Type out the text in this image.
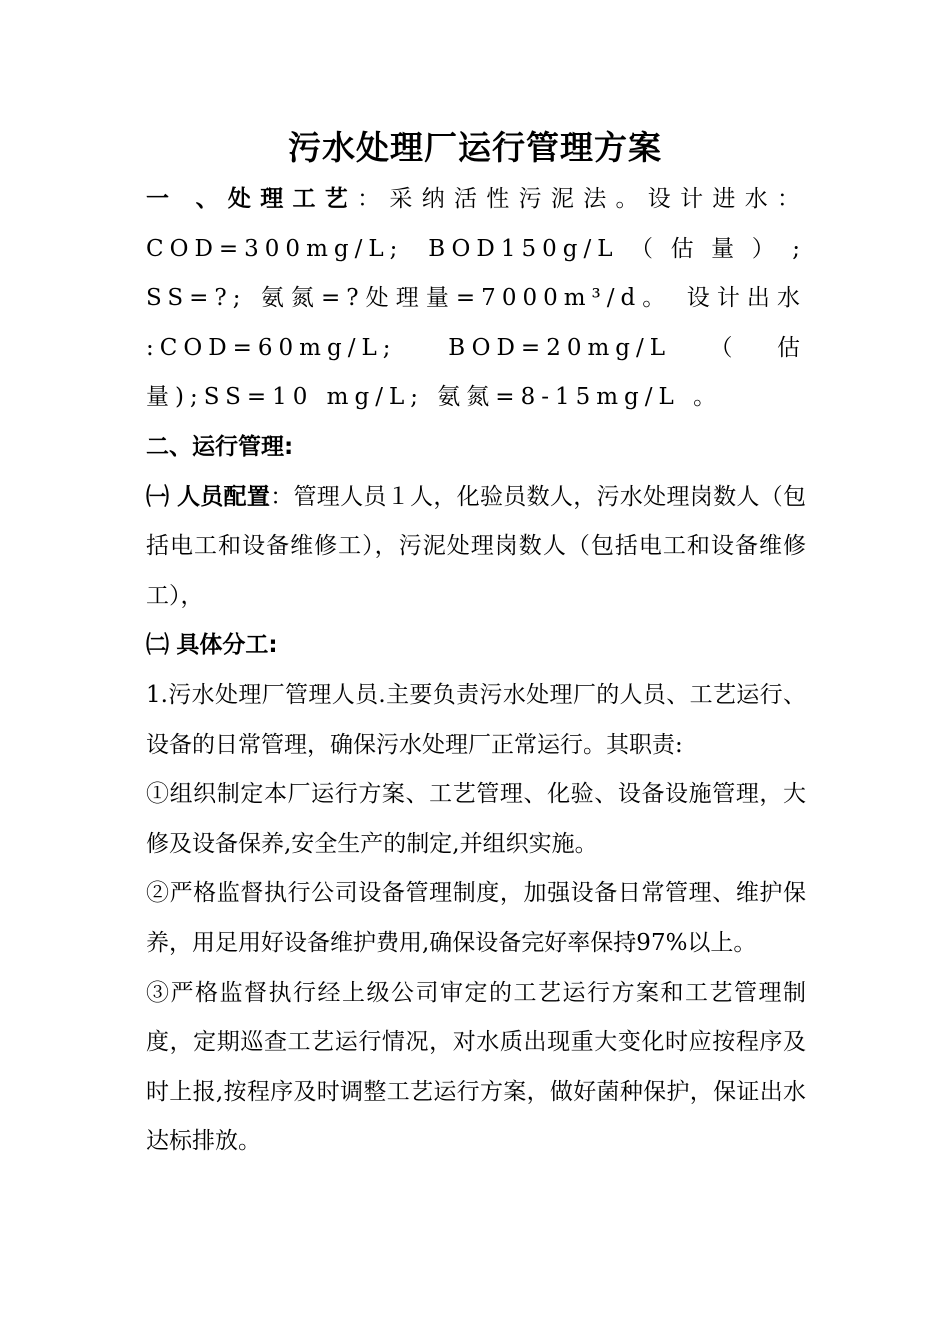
污水处理厂运行管理方案

一 、处理工艺：采纳活性污泥法。设计进水：COD=300mg/L; BOD150g/L（估量）; SS=?; 氨氮=?处理量=7000m³/d。 设计出水 :COD=60mg/L; BOD=20mg/L（估量);SS=10 mg/L; 氨氮=8-15mg/L 。

二、运行管理:

㈠ 人员配置：管理人员１人，化验员数人，污水处理岗数人（包括电工和设备维修工），污泥处理岗数人（包括电工和设备维修工），

㈡ 具体分工:

1.污水处理厂管理人员.主要负责污水处理厂的人员、工艺运行、设备的日常管理，确保污水处理厂正常运行。其职责:

①组织制定本厂运行方案、工艺管理、化验、设备设施管理，大修及设备保养,安全生产的制定,并组织实施。

②严格监督执行公司设备管理制度，加强设备日常管理、维护保养，用足用好设备维护费用,确保设备完好率保持97%以上。

③严格监督执行经上级公司审定的工艺运行方案和工艺管理制度，定期巡查工艺运行情况，对水质出现重大变化时应按程序及时上报,按程序及时调整工艺运行方案，做好菌种保护，保证出水达标排放。
